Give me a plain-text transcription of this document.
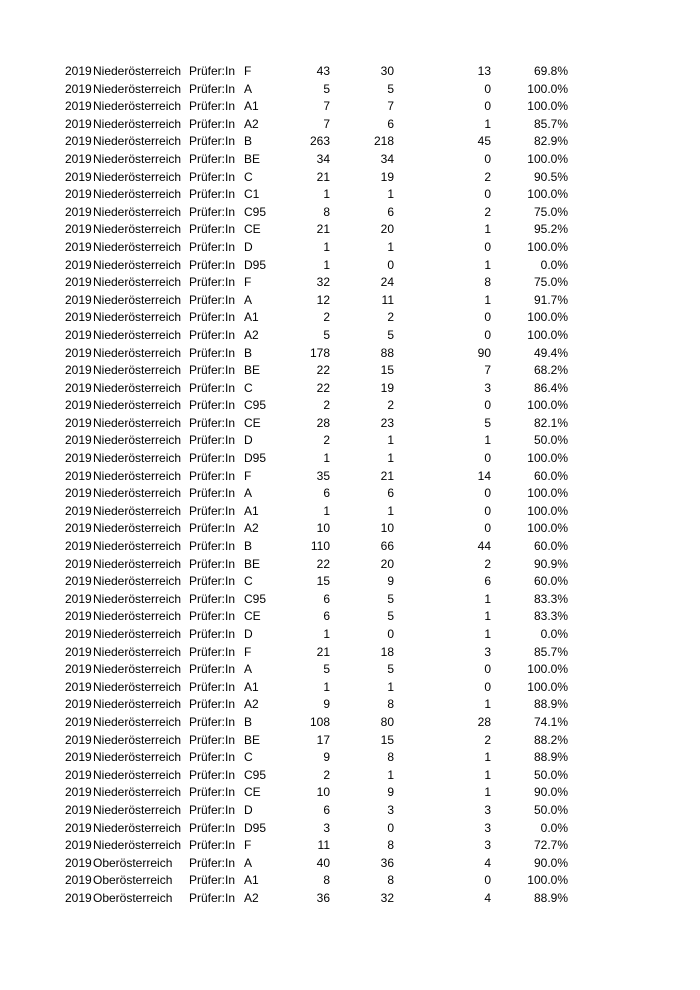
2019 Niederösterreich Prüfer:In F	43	30	13	69.8%
2019 Niederösterreich Prüfer:In A	5	5	0	100.0%
2019 Niederösterreich Prüfer:In A1	7	7	0	100.0%
2019 Niederösterreich Prüfer:In A2	7	6	1	85.7%
2019 Niederösterreich Prüfer:In B	263	218	45	82.9%
2019 Niederösterreich Prüfer:In BE	34	34	0	100.0%
2019 Niederösterreich Prüfer:In C	21	19	2	90.5%
2019 Niederösterreich Prüfer:In C1	1	1	0	100.0%
2019 Niederösterreich Prüfer:In C95	8	6	2	75.0%
2019 Niederösterreich Prüfer:In CE	21	20	1	95.2%
2019 Niederösterreich Prüfer:In D	1	1	0	100.0%
2019 Niederösterreich Prüfer:In D95	1	0	1	0.0%
2019 Niederösterreich Prüfer:In F	32	24	8	75.0%
2019 Niederösterreich Prüfer:In A	12	11	1	91.7%
2019 Niederösterreich Prüfer:In A1	2	2	0	100.0%
2019 Niederösterreich Prüfer:In A2	5	5	0	100.0%
2019 Niederösterreich Prüfer:In B	178	88	90	49.4%
2019 Niederösterreich Prüfer:In BE	22	15	7	68.2%
2019 Niederösterreich Prüfer:In C	22	19	3	86.4%
2019 Niederösterreich Prüfer:In C95	2	2	0	100.0%
2019 Niederösterreich Prüfer:In CE	28	23	5	82.1%
2019 Niederösterreich Prüfer:In D	2	1	1	50.0%
2019 Niederösterreich Prüfer:In D95	1	1	0	100.0%
2019 Niederösterreich Prüfer:In F	35	21	14	60.0%
2019 Niederösterreich Prüfer:In A	6	6	0	100.0%
2019 Niederösterreich Prüfer:In A1	1	1	0	100.0%
2019 Niederösterreich Prüfer:In A2	10	10	0	100.0%
2019 Niederösterreich Prüfer:In B	110	66	44	60.0%
2019 Niederösterreich Prüfer:In BE	22	20	2	90.9%
2019 Niederösterreich Prüfer:In C	15	9	6	60.0%
2019 Niederösterreich Prüfer:In C95	6	5	1	83.3%
2019 Niederösterreich Prüfer:In CE	6	5	1	83.3%
2019 Niederösterreich Prüfer:In D	1	0	1	0.0%
2019 Niederösterreich Prüfer:In F	21	18	3	85.7%
2019 Niederösterreich Prüfer:In A	5	5	0	100.0%
2019 Niederösterreich Prüfer:In A1	1	1	0	100.0%
2019 Niederösterreich Prüfer:In A2	9	8	1	88.9%
2019 Niederösterreich Prüfer:In B	108	80	28	74.1%
2019 Niederösterreich Prüfer:In BE	17	15	2	88.2%
2019 Niederösterreich Prüfer:In C	9	8	1	88.9%
2019 Niederösterreich Prüfer:In C95	2	1	1	50.0%
2019 Niederösterreich Prüfer:In CE	10	9	1	90.0%
2019 Niederösterreich Prüfer:In D	6	3	3	50.0%
2019 Niederösterreich Prüfer:In D95	3	0	3	0.0%
2019 Niederösterreich Prüfer:In F	11	8	3	72.7%
2019 Oberösterreich Prüfer:In A	40	36	4	90.0%
2019 Oberösterreich Prüfer:In A1	8	8	0	100.0%
2019 Oberösterreich Prüfer:In A2	36	32	4	88.9%
